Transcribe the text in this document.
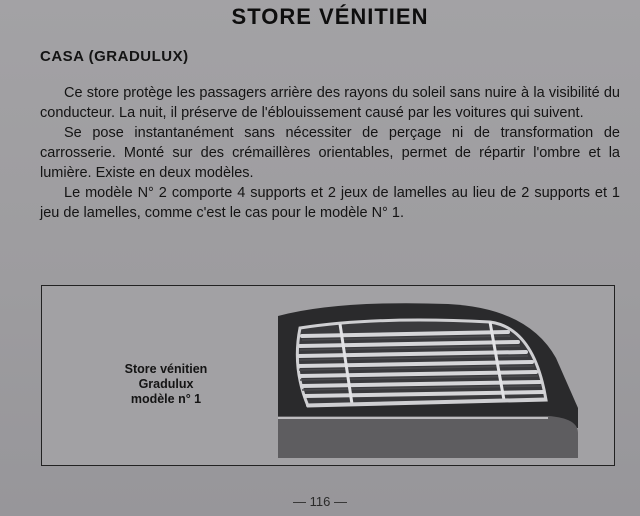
STORE VÉNITIEN
CASA (GRADULUX)

Ce store protège les passagers arrière des rayons du soleil sans nuire à la visibilité du conducteur. La nuit, il préserve de l'éblouissement causé par les voitures qui suivent.

Se pose instantanément sans nécessiter de perçage ni de transformation de carrosserie. Monté sur des crémaillères orientables, permet de répartir l'ombre et la lumière. Existe en deux modèles.

Le modèle N° 2 comporte 4 supports et 2 jeux de lamelles au lieu de 2 supports et 1 jeu de lamelles, comme c'est le cas pour le modèle N° 1.

Store vénitien
Gradulux
modèle n° 1
— 116 —
